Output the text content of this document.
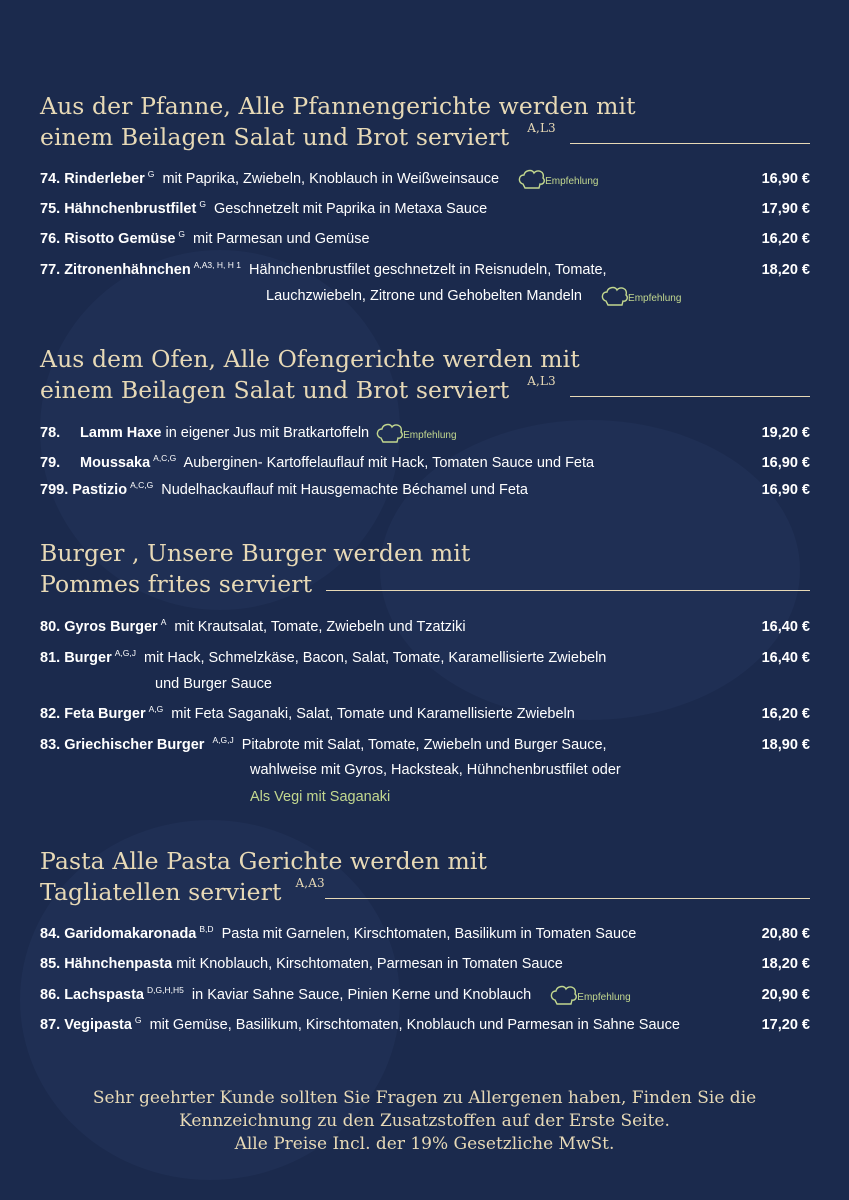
Aus der Pfanne, Alle Pfannengerichte werden mit
einem Beilagen Salat und Brot serviert A,L3
74. Rinderleber $^G$ mit Paprika, Zwiebeln, Knoblauch in Weißweinsauce	Empfehlung	16,90 €
75. Hähnchenbrustfilet $^G$ Geschnetzelt mit Paprika in Metaxa Sauce	17,90 €
76. Risotto Gemüse $^G$ mit Parmesan und Gemüse	16,20 €
77. Zitronenhähnchen $^{A,A3, H, H 1}$ Hähnchenbrustfilet geschnetzelt in Reisnudeln, Tomate,	18,20 €
Lauchzwiebeln, Zitrone und Gehobelten Mandeln	Empfehlung
Aus dem Ofen, Alle Ofengerichte werden mit
einem Beilagen Salat und Brot serviert A,L3
78. Lamm Haxe in eigener Jus mit Bratkartoffeln	Empfehlung	19,20 €
79. Moussaka $^{A,C,G}$ Auberginen- Kartoffelauflauf mit Hack, Tomaten Sauce und Feta	16,90 €
799. Pastizio $^{A,C,G}$ Nudelhackauflauf mit Hausgemachte Béchamel und Feta	16,90 €
Burger , Unsere Burger werden mit
Pommes frites serviert
80. Gyros Burger $^A$ mit Krautsalat, Tomate, Zwiebeln und Tzatziki	16,40 €
81. Burger $^{A,G,J}$ mit Hack, Schmelzkäse, Bacon, Salat, Tomate, Karamellisierte Zwiebeln	16,40 €
und Burger Sauce
82. Feta Burger $^{A,G}$ mit Feta Saganaki, Salat, Tomate und Karamellisierte Zwiebeln	16,20 €
83. Griechischer Burger $^{A,G,J}$ Pitabrote mit Salat, Tomate, Zwiebeln und Burger Sauce,	18,90 €
wahlweise mit Gyros, Hacksteak, Hühnchenbrustfilet oder
Als Vegi mit Saganaki
Pasta Alle Pasta Gerichte werden mit
Tagliatellen serviert A,A3
84. Garidomakaronada $^{B,D}$ Pasta mit Garnelen, Kirschtomaten, Basilikum in Tomaten Sauce	20,80 €
85. Hähnchenpasta mit Knoblauch, Kirschtomaten, Parmesan in Tomaten Sauce	18,20 €
86. Lachspasta $^{D,G,H,H5}$ in Kaviar Sahne Sauce, Pinien Kerne und Knoblauch	Empfehlung	20,90 €
87. Vegipasta $^G$ mit Gemüse, Basilikum, Kirschtomaten, Knoblauch und Parmesan in Sahne Sauce	17,20 €
Sehr geehrter Kunde sollten Sie Fragen zu Allergenen haben, Finden Sie die
Kennzeichnung zu den Zusatzstoffen auf der Erste Seite.
Alle Preise Incl. der 19% Gesetzliche MwSt.
